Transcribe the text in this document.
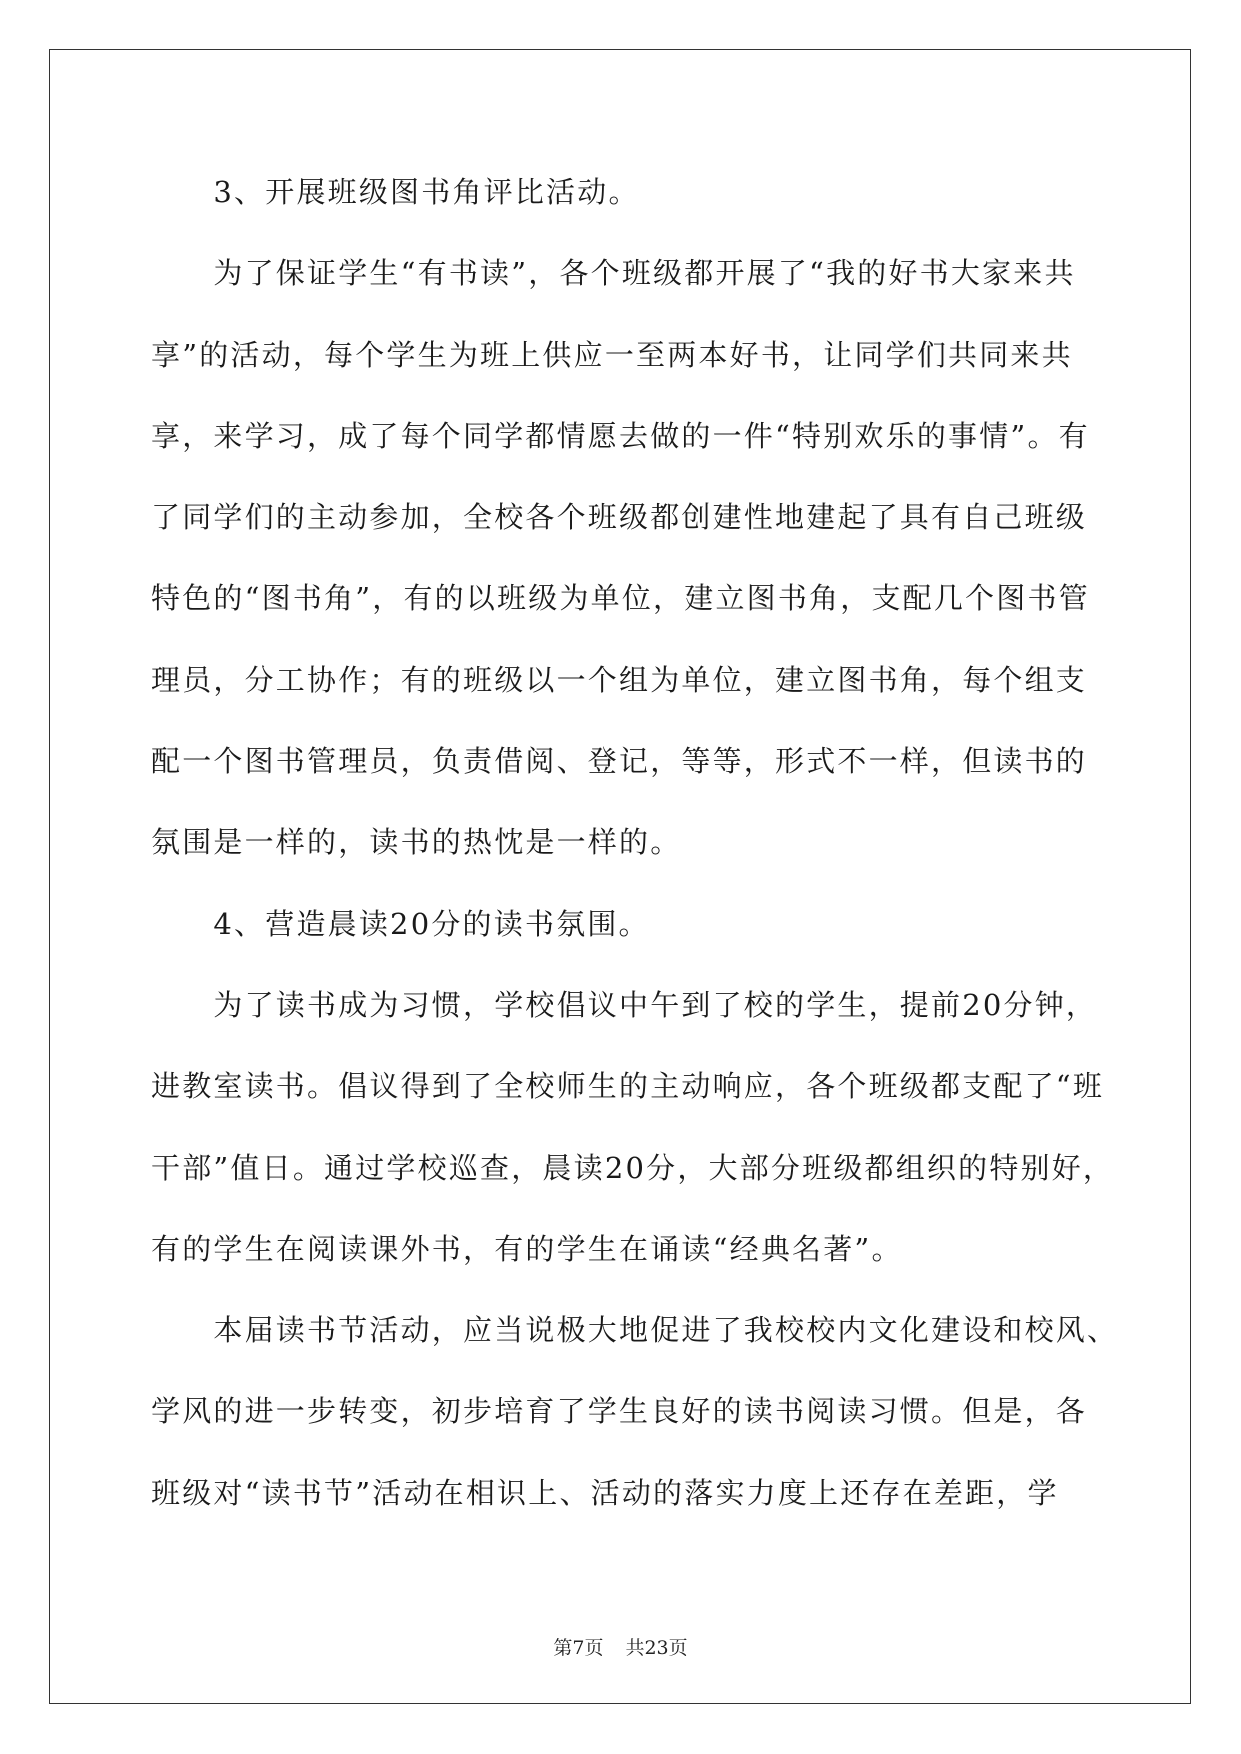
　　3、开展班级图书角评比活动。
　　为了保证学生“有书读”，各个班级都开展了“我的好书大家来共
享”的活动，每个学生为班上供应一至两本好书，让同学们共同来共
享，来学习，成了每个同学都情愿去做的一件“特别欢乐的事情”。有
了同学们的主动参加，全校各个班级都创建性地建起了具有自己班级
特色的“图书角”，有的以班级为单位，建立图书角，支配几个图书管
理员，分工协作；有的班级以一个组为单位，建立图书角，每个组支
配一个图书管理员，负责借阅、登记，等等，形式不一样，但读书的
氛围是一样的，读书的热忱是一样的。
　　4、营造晨读20分的读书氛围。
　　为了读书成为习惯，学校倡议中午到了校的学生，提前20分钟，
进教室读书。倡议得到了全校师生的主动响应，各个班级都支配了“班
干部”值日。通过学校巡查，晨读20分，大部分班级都组织的特别好，
有的学生在阅读课外书，有的学生在诵读“经典名著”。
　　本届读书节活动，应当说极大地促进了我校校内文化建设和校风、
学风的进一步转变，初步培育了学生良好的读书阅读习惯。但是，各
班级对“读书节”活动在相识上、活动的落实力度上还存在差距，学
第7页 共23页
